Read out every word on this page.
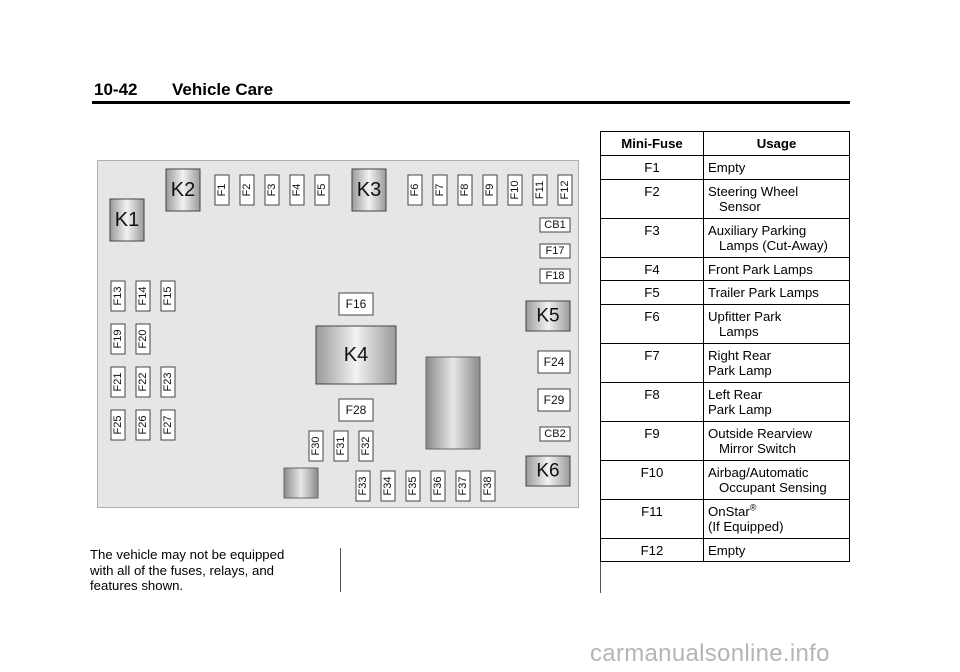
10-42 Vehicle Care
K1
K2	K3
K4
K5
K6
CB1
CB2
F17
F18
F16
F28
F24
F29
F1 F2 F3 F4 F5	F6 F7 F8 F9 F10 F11 F12
F13 F14 F15
F19 F20
F21 F22 F23
F25 F26 F27
F30 F31 F32
F33 F34 F35 F36 F37 F38
The vehicle may not be equipped
with all of the fuses, relays, and
features shown.
Mini-Fuse	Usage
F1	Empty

F2	Steering Wheel
Sensor

F3	Auxiliary Parking
Lamps (Cut-Away)

F4	Front Park Lamps

F5	Trailer Park Lamps

F6	Upfitter Park
Lamps

F7	Right Rear
Park Lamp

F8	Left Rear
Park Lamp

F9	Outside Rearview
Mirror Switch

F10	Airbag/Automatic
Occupant Sensing

F11	OnStar®
(If Equipped)

F12	Empty
carmanualsonline.info
